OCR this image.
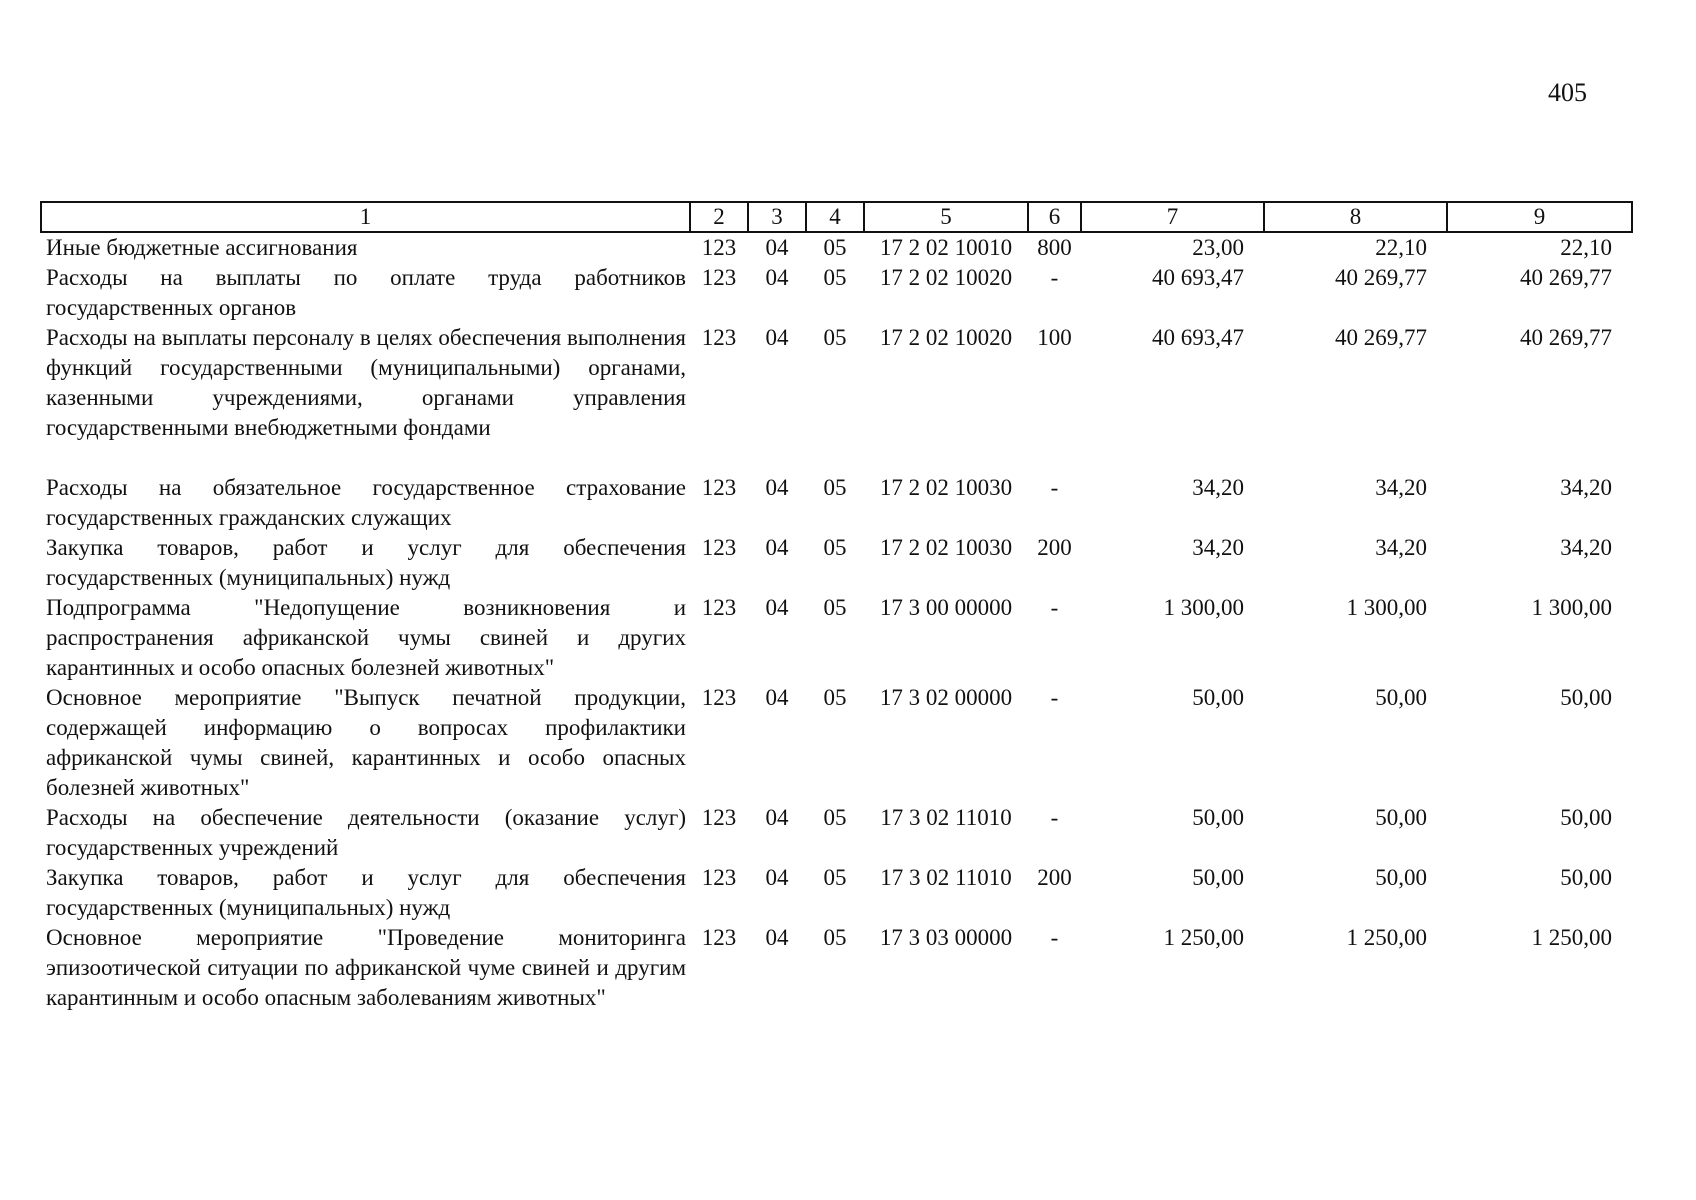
405
1	2	3	4	5	6	7	8	9
Иные бюджетные ассигнования	123	04	05	17 2 02 10010	800	23,00	22,10	22,10
Расходы на выплаты по оплате труда работников государственных органов	123	04	05	17 2 02 10020	-	40 693,47	40 269,77	40 269,77
Расходы на выплаты персоналу в целях обеспечения выполнения функций государственными (муниципальными) органами, казенными учреждениями, органами управления государственными внебюджетными фондами	123	04	05	17 2 02 10020	100	40 693,47	40 269,77	40 269,77
Расходы на обязательное государственное страхование государственных гражданских служащих	123	04	05	17 2 02 10030	-	34,20	34,20	34,20
Закупка товаров, работ и услуг для обеспечения государственных (муниципальных) нужд	123	04	05	17 2 02 10030	200	34,20	34,20	34,20
Подпрограмма "Недопущение возникновения и распространения африканской чумы свиней и других карантинных и особо опасных болезней животных"	123	04	05	17 3 00 00000	-	1 300,00	1 300,00	1 300,00
Основное мероприятие "Выпуск печатной продукции, содержащей информацию о вопросах профилактики африканской чумы свиней, карантинных и особо опасных болезней животных"	123	04	05	17 3 02 00000	-	50,00	50,00	50,00
Расходы на обеспечение деятельности (оказание услуг) государственных учреждений	123	04	05	17 3 02 11010	-	50,00	50,00	50,00
Закупка товаров, работ и услуг для обеспечения государственных (муниципальных) нужд	123	04	05	17 3 02 11010	200	50,00	50,00	50,00
Основное мероприятие "Проведение мониторинга эпизоотической ситуации по африканской чуме свиней и другим карантинным и особо опасным заболеваниям животных"	123	04	05	17 3 03 00000	-	1 250,00	1 250,00	1 250,00
